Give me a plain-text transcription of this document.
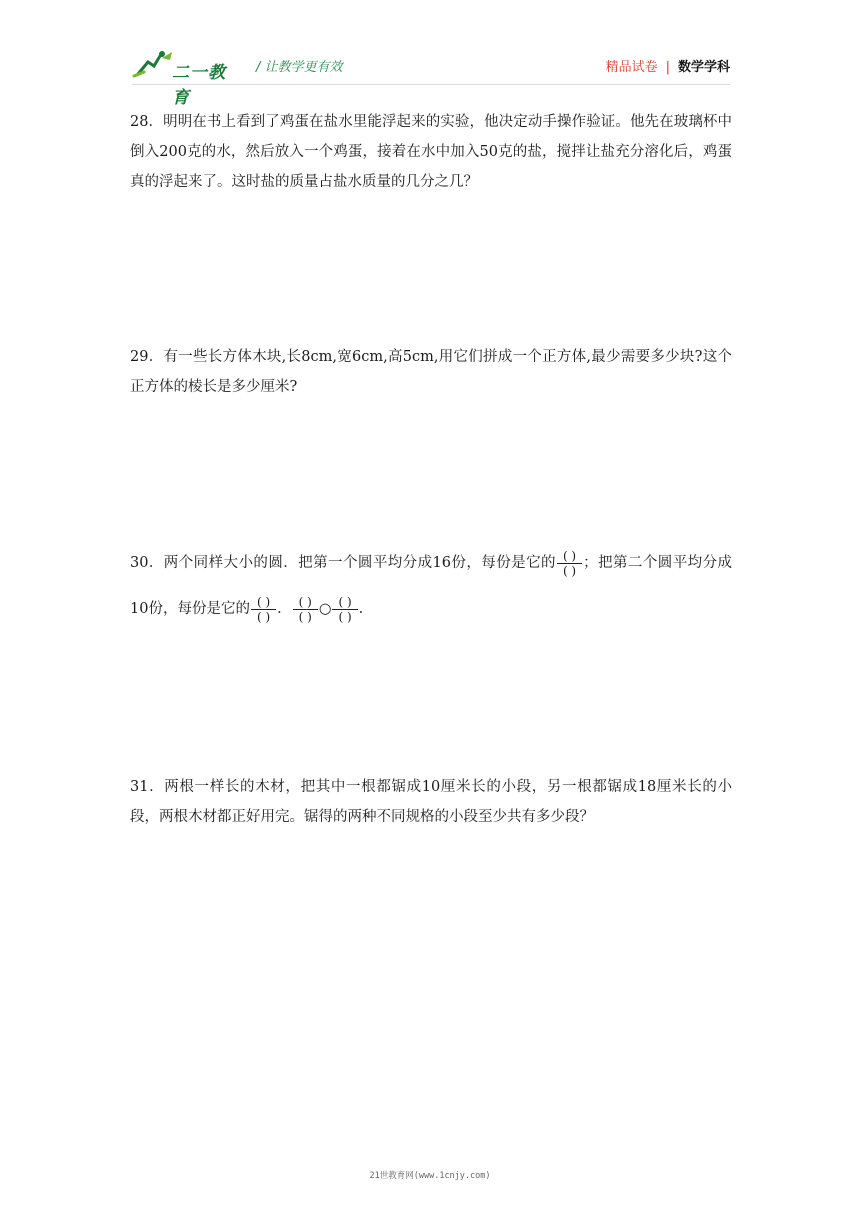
二一教育
/ 让教学更有效	精品试卷 | 数学学科

28．明明在书上看到了鸡蛋在盐水里能浮起来的实验，他决定动手操作验证。他先在玻璃杯中倒入200克的水，然后放入一个鸡蛋，接着在水中加入50克的盐，搅拌让盐充分溶化后，鸡蛋真的浮起来了。这时盐的质量占盐水质量的几分之几？

29．有一些长方体木块,长8cm,宽6cm,高5cm,用它们拼成一个正方体,最少需要多少块?这个正方体的棱长是多少厘米?

30．两个同样大小的圆．把第一个圆平均分成16份，每份是它的 $\frac{( )}{( )}$ ；把第二个圆平均分成10份，每份是它的 $\frac{( )}{( )}$ ． $\frac{( )}{( )}$ ○ $\frac{( )}{( )}$ ．

31．两根一样长的木材，把其中一根都锯成10厘米长的小段，另一根都锯成18厘米长的小段，两根木材都正好用完。锯得的两种不同规格的小段至少共有多少段？

21世教育网(www.1cnjy.com)
